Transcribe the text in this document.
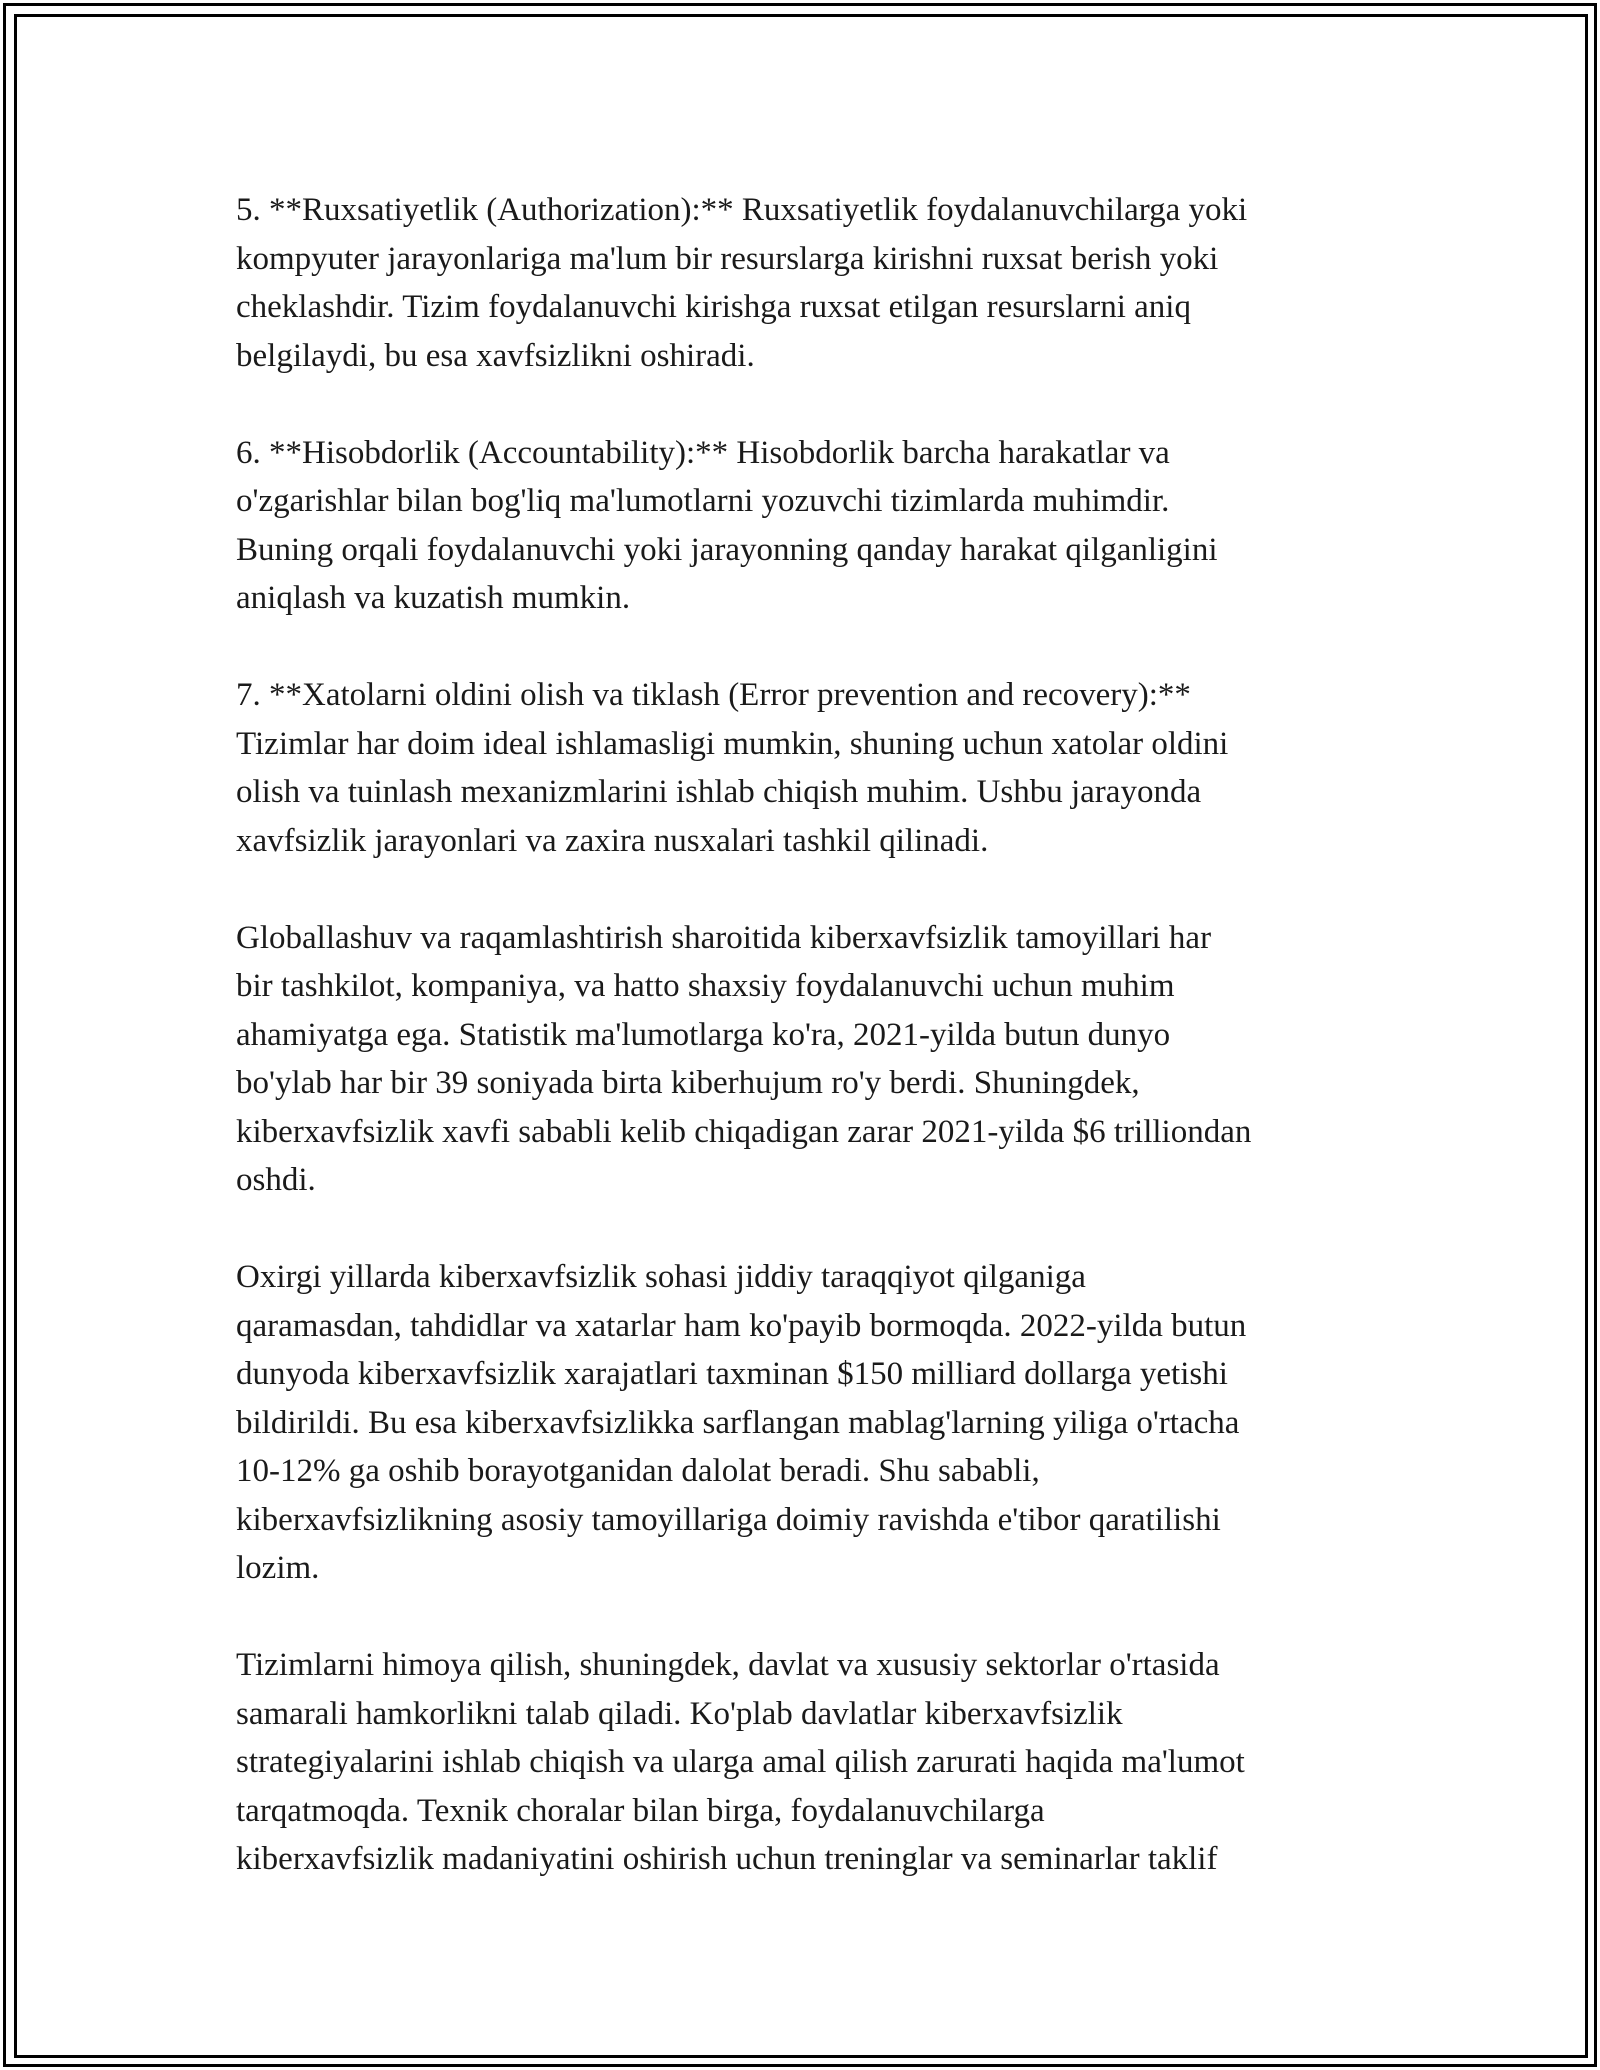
5. **Ruxsatiyetlik (Authorization):** Ruxsatiyetlik foydalanuvchilarga yoki
kompyuter jarayonlariga ma'lum bir resurslarga kirishni ruxsat berish yoki
cheklashdir. Tizim foydalanuvchi kirishga ruxsat etilgan resurslarni aniq
belgilaydi, bu esa xavfsizlikni oshiradi.

6. **Hisobdorlik (Accountability):** Hisobdorlik barcha harakatlar va
o'zgarishlar bilan bog'liq ma'lumotlarni yozuvchi tizimlarda muhimdir.
Buning orqali foydalanuvchi yoki jarayonning qanday harakat qilganligini
aniqlash va kuzatish mumkin.

7. **Xatolarni oldini olish va tiklash (Error prevention and recovery):**
Tizimlar har doim ideal ishlamasligi mumkin, shuning uchun xatolar oldini
olish va tuinlash mexanizmlarini ishlab chiqish muhim. Ushbu jarayonda
xavfsizlik jarayonlari va zaxira nusxalari tashkil qilinadi.

Globallashuv va raqamlashtirish sharoitida kiberxavfsizlik tamoyillari har
bir tashkilot, kompaniya, va hatto shaxsiy foydalanuvchi uchun muhim
ahamiyatga ega. Statistik ma'lumotlarga ko'ra, 2021-yilda butun dunyo
bo'ylab har bir 39 soniyada birta kiberhujum ro'y berdi. Shuningdek,
kiberxavfsizlik xavfi sababli kelib chiqadigan zarar 2021-yilda $6 trilliondan
oshdi.

Oxirgi yillarda kiberxavfsizlik sohasi jiddiy taraqqiyot qilganiga
qaramasdan, tahdidlar va xatarlar ham ko'payib bormoqda. 2022-yilda butun
dunyoda kiberxavfsizlik xarajatlari taxminan $150 milliard dollarga yetishi
bildirildi. Bu esa kiberxavfsizlikka sarflangan mablag'larning yiliga o'rtacha
10-12% ga oshib borayotganidan dalolat beradi. Shu sababli,
kiberxavfsizlikning asosiy tamoyillariga doimiy ravishda e'tibor qaratilishi
lozim.

Tizimlarni himoya qilish, shuningdek, davlat va xususiy sektorlar o'rtasida
samarali hamkorlikni talab qiladi. Ko'plab davlatlar kiberxavfsizlik
strategiyalarini ishlab chiqish va ularga amal qilish zarurati haqida ma'lumot
tarqatmoqda. Texnik choralar bilan birga, foydalanuvchilarga
kiberxavfsizlik madaniyatini oshirish uchun treninglar va seminarlar taklif
